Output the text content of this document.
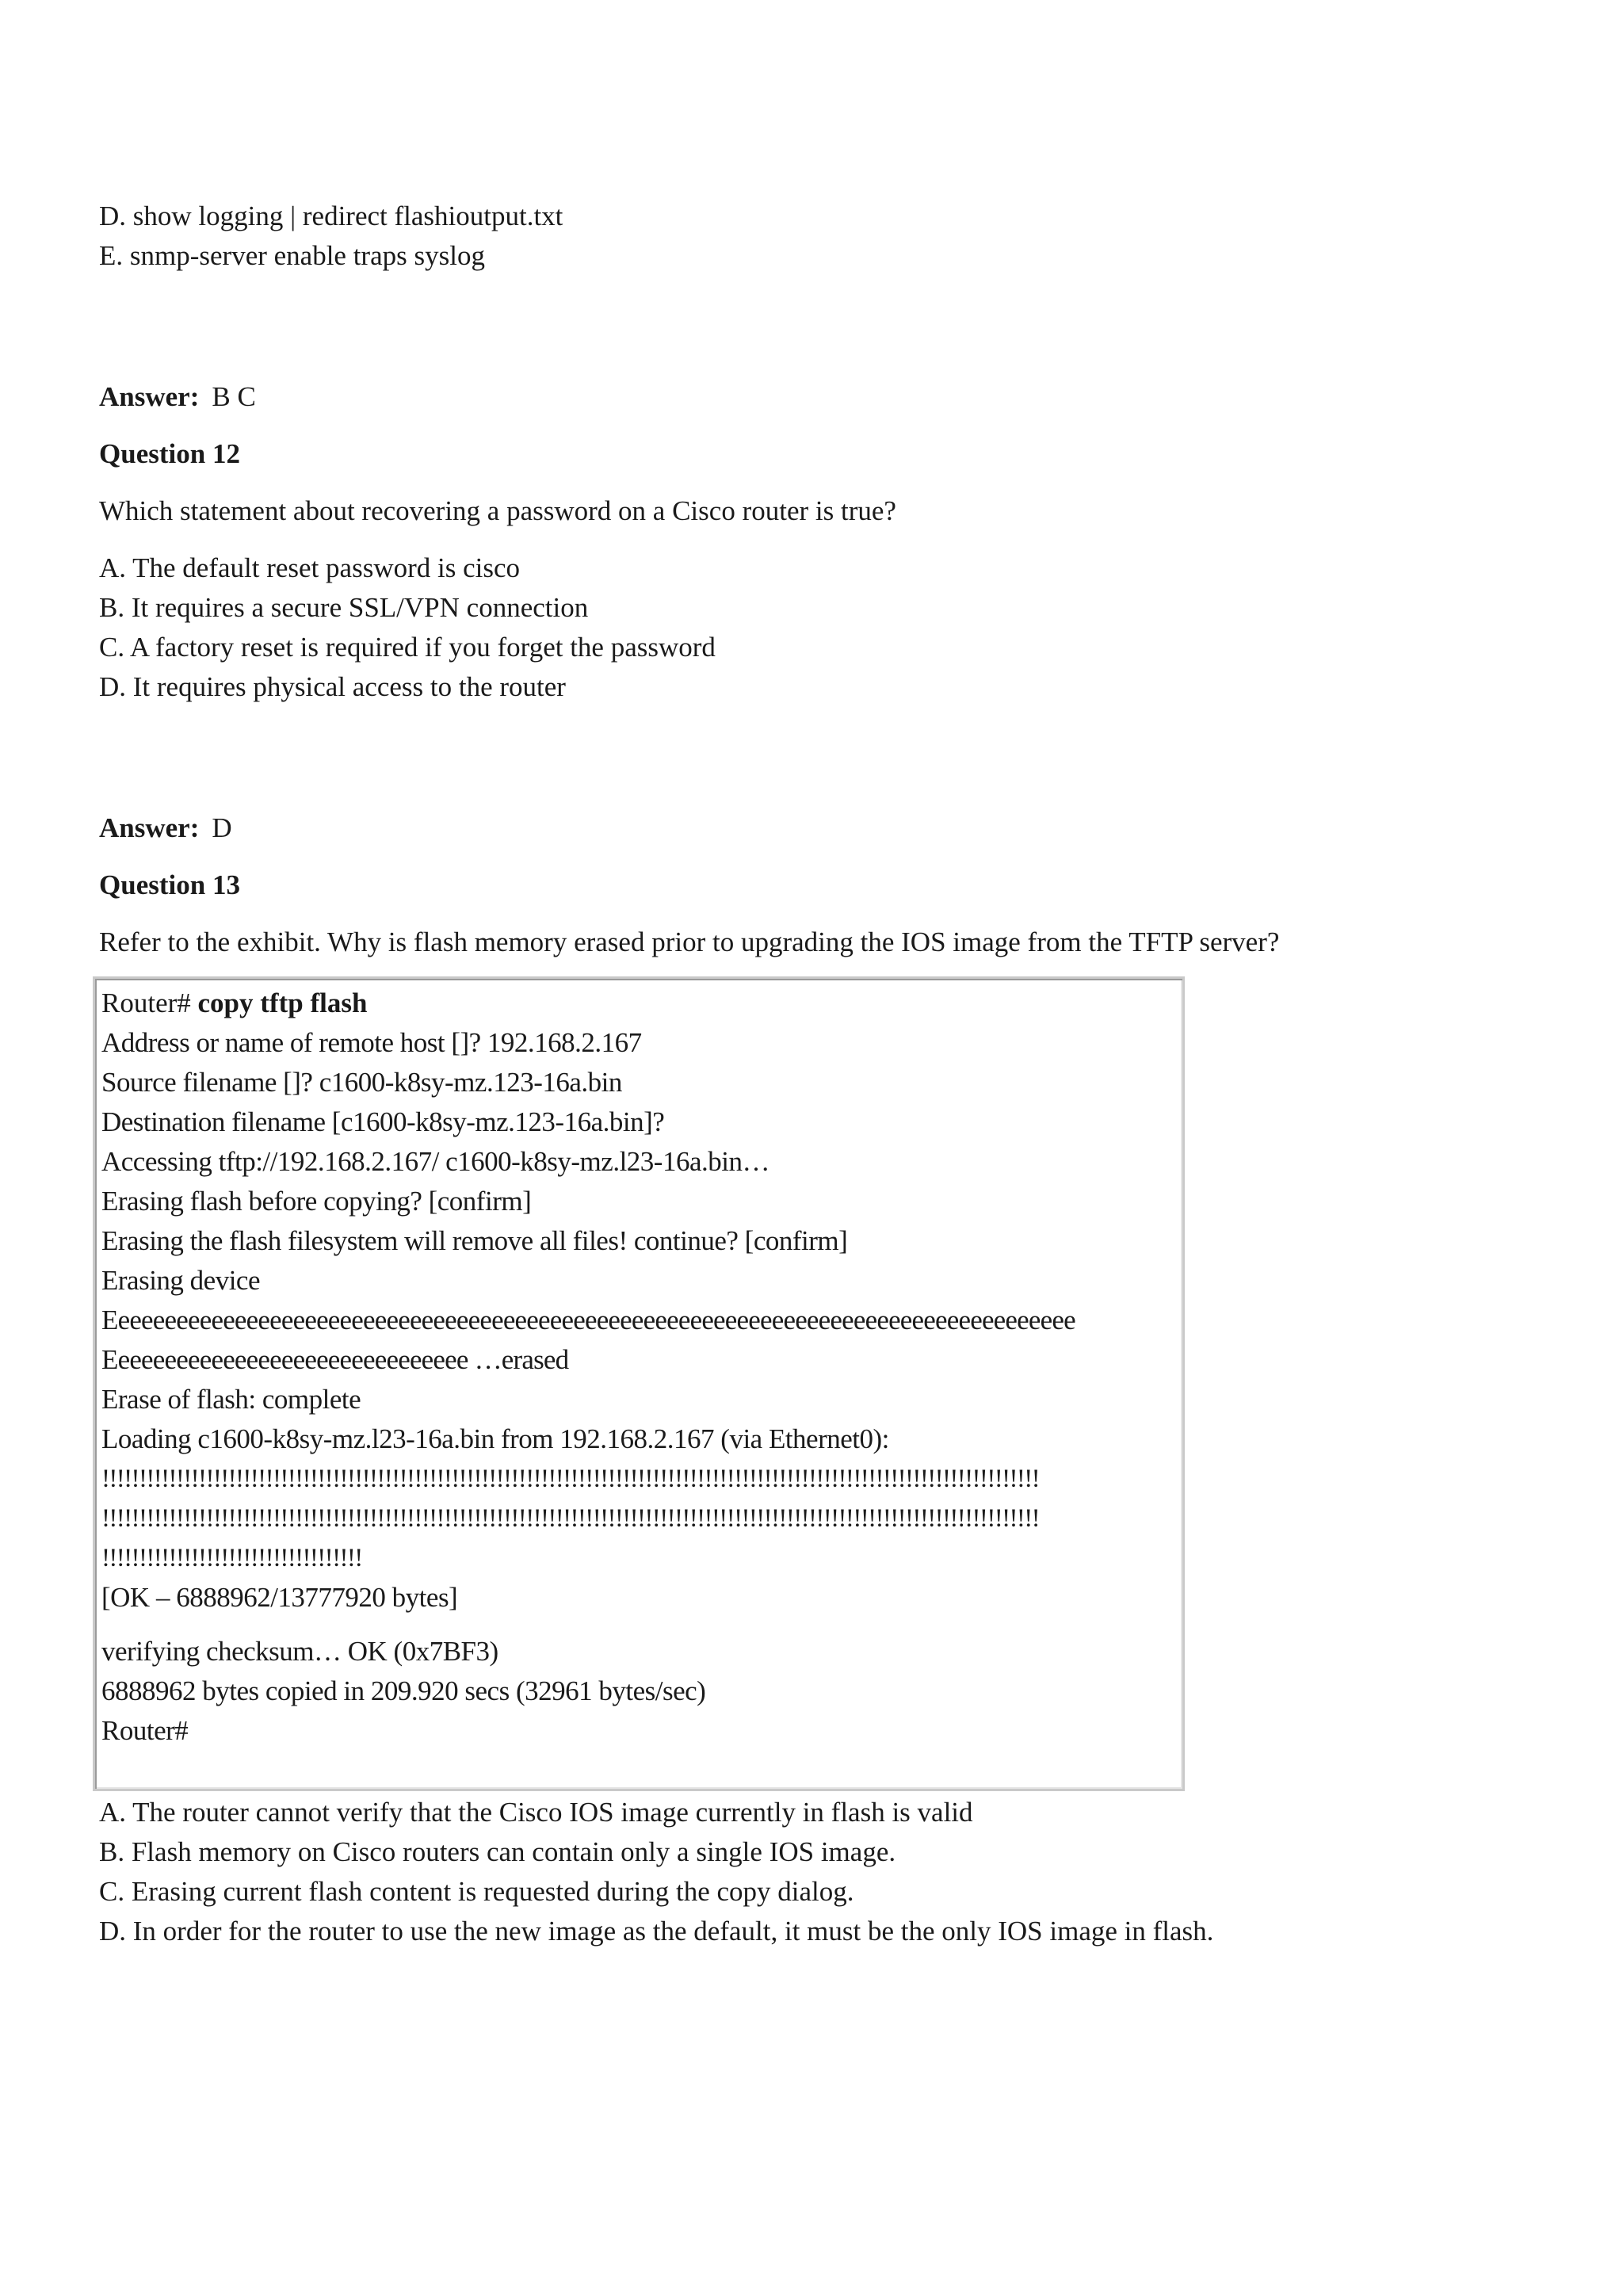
D. show logging | redirect flashioutput.txt
E. snmp-server enable traps syslog
Answer: B C
Question 12
Which statement about recovering a password on a Cisco router is true?
A. The default reset password is cisco
B. It requires a secure SSL/VPN connection
C. A factory reset is required if you forget the password
D. It requires physical access to the router
Answer: D
Question 13
Refer to the exhibit. Why is flash memory erased prior to upgrading the IOS image from the TFTP server?
Router# copy tftp flash
Address or name of remote host []? 192.168.2.167
Source filename []? c1600-k8sy-mz.123-16a.bin
Destination filename [c1600-k8sy-mz.123-16a.bin]?
Accessing tftp://192.168.2.167/ c1600-k8sy-mz.l23-16a.bin…
Erasing flash before copying? [confirm]
Erasing the flash filesystem will remove all files! continue? [confirm]
Erasing device
Eeeeeeeeeeeeeeeeeeeeeeeeeeeeeeeeeeeeeeeeeeeeeeeeeeeeeeeeeeeeeeeeeeeeeeeeeeeeeeeeeee
Eeeeeeeeeeeeeeeeeeeeeeeeeeeeeee …erased
Erase of flash: complete
Loading c1600-k8sy-mz.l23-16a.bin from 192.168.2.167 (via Ethernet0):
!!!!!!!!!!!!!!!!!!!!!!!!!!!!!!!!!!!!!!!!!!!!!!!!!!!!!!!!!!!!!!!!!!!!!!!!!!!!!!!!!!!!!!!!!!!!!!!!!!!!!!!!!!!!!!!!!!!!!!!!!!!!!!
!!!!!!!!!!!!!!!!!!!!!!!!!!!!!!!!!!!!!!!!!!!!!!!!!!!!!!!!!!!!!!!!!!!!!!!!!!!!!!!!!!!!!!!!!!!!!!!!!!!!!!!!!!!!!!!!!!!!!!!!!!!!!!
!!!!!!!!!!!!!!!!!!!!!!!!!!!!!!!!!!!
[OK – 6888962/13777920 bytes]
verifying checksum… OK (0x7BF3)
6888962 bytes copied in 209.920 secs (32961 bytes/sec)
Router#
A. The router cannot verify that the Cisco IOS image currently in flash is valid
B. Flash memory on Cisco routers can contain only a single IOS image.
C. Erasing current flash content is requested during the copy dialog.
D. In order for the router to use the new image as the default, it must be the only IOS image in flash.
